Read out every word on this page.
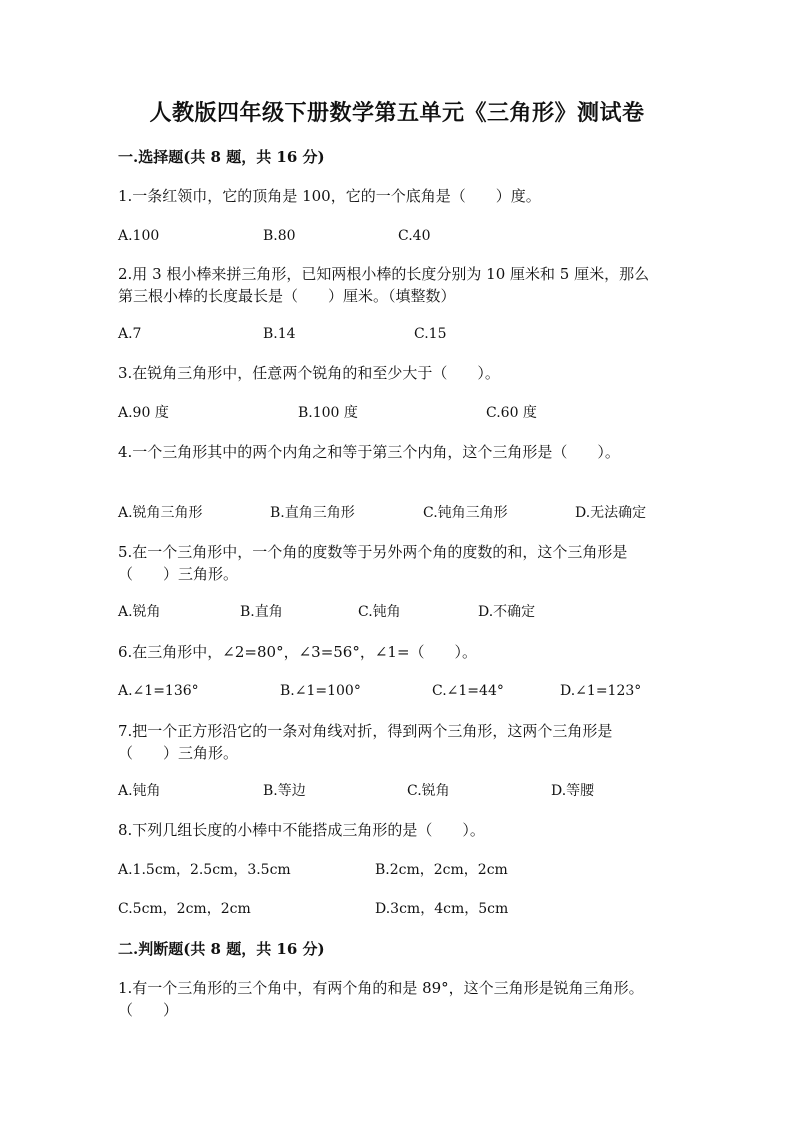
人教版四年级下册数学第五单元《三角形》测试卷
一.选择题(共 8 题，共 16 分)
1.一条红领巾，它的顶角是 100，它的一个底角是（　　）度。
A.100	B.80	C.40
2.用 3 根小棒来拼三角形，已知两根小棒的长度分别为 10 厘米和 5 厘米，那么
第三根小棒的长度最长是（　　）厘米。（填整数）
A.7	B.14	C.15
3.在锐角三角形中，任意两个锐角的和至少大于（　　）。
A.90 度	B.100 度	C.60 度
4.一个三角形其中的两个内角之和等于第三个内角，这个三角形是（　　）。
A.锐角三角形	B.直角三角形	C.钝角三角形	D.无法确定
5.在一个三角形中，一个角的度数等于另外两个角的度数的和，这个三角形是
（　　）三角形。
A.锐角	B.直角	C.钝角	D.不确定
6.在三角形中，∠2=80°，∠3=56°，∠1=（　　）。
A.∠1=136°	B.∠1=100°	C.∠1=44°	D.∠1=123°
7.把一个正方形沿它的一条对角线对折，得到两个三角形，这两个三角形是
（　　）三角形。
A.钝角	B.等边	C.锐角	D.等腰
8.下列几组长度的小棒中不能搭成三角形的是（　　）。
A.1.5cm，2.5cm，3.5cm	B.2cm，2cm，2cm
C.5cm，2cm，2cm	D.3cm，4cm，5cm
二.判断题(共 8 题，共 16 分)
1.有一个三角形的三个角中，有两个角的和是 89°，这个三角形是锐角三角形。
（　　）
